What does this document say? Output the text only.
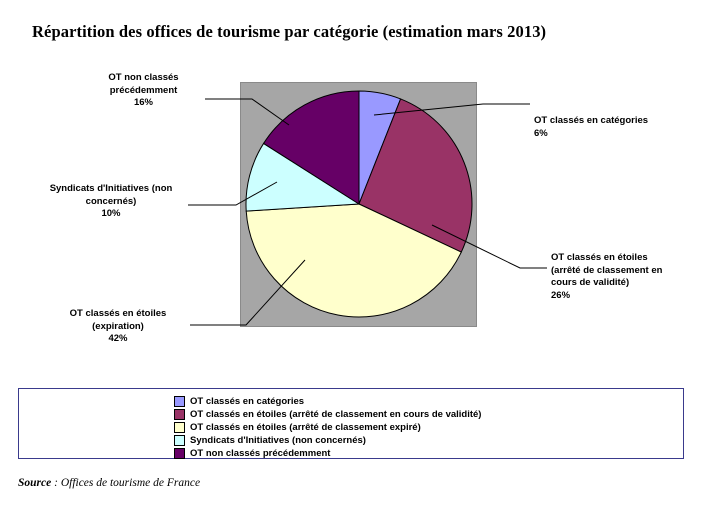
Répartition des offices de tourisme par catégorie (estimation mars 2013)
OT non classés
précédemment
16%
Syndicats d'Initiatives (non
concernés)
10%
OT classés en étoiles
(expiration)
42%
OT classés en catégories
6%
OT classés en étoiles
(arrêté de classement en
cours de validité)
26%
OT classés en catégories
OT classés en étoiles (arrêté de classement en cours de validité)
OT classés en étoiles (arrêté de classement expiré)
Syndicats d'Initiatives (non concernés)
OT non classés précédemment
Source : Offices de tourisme de France
